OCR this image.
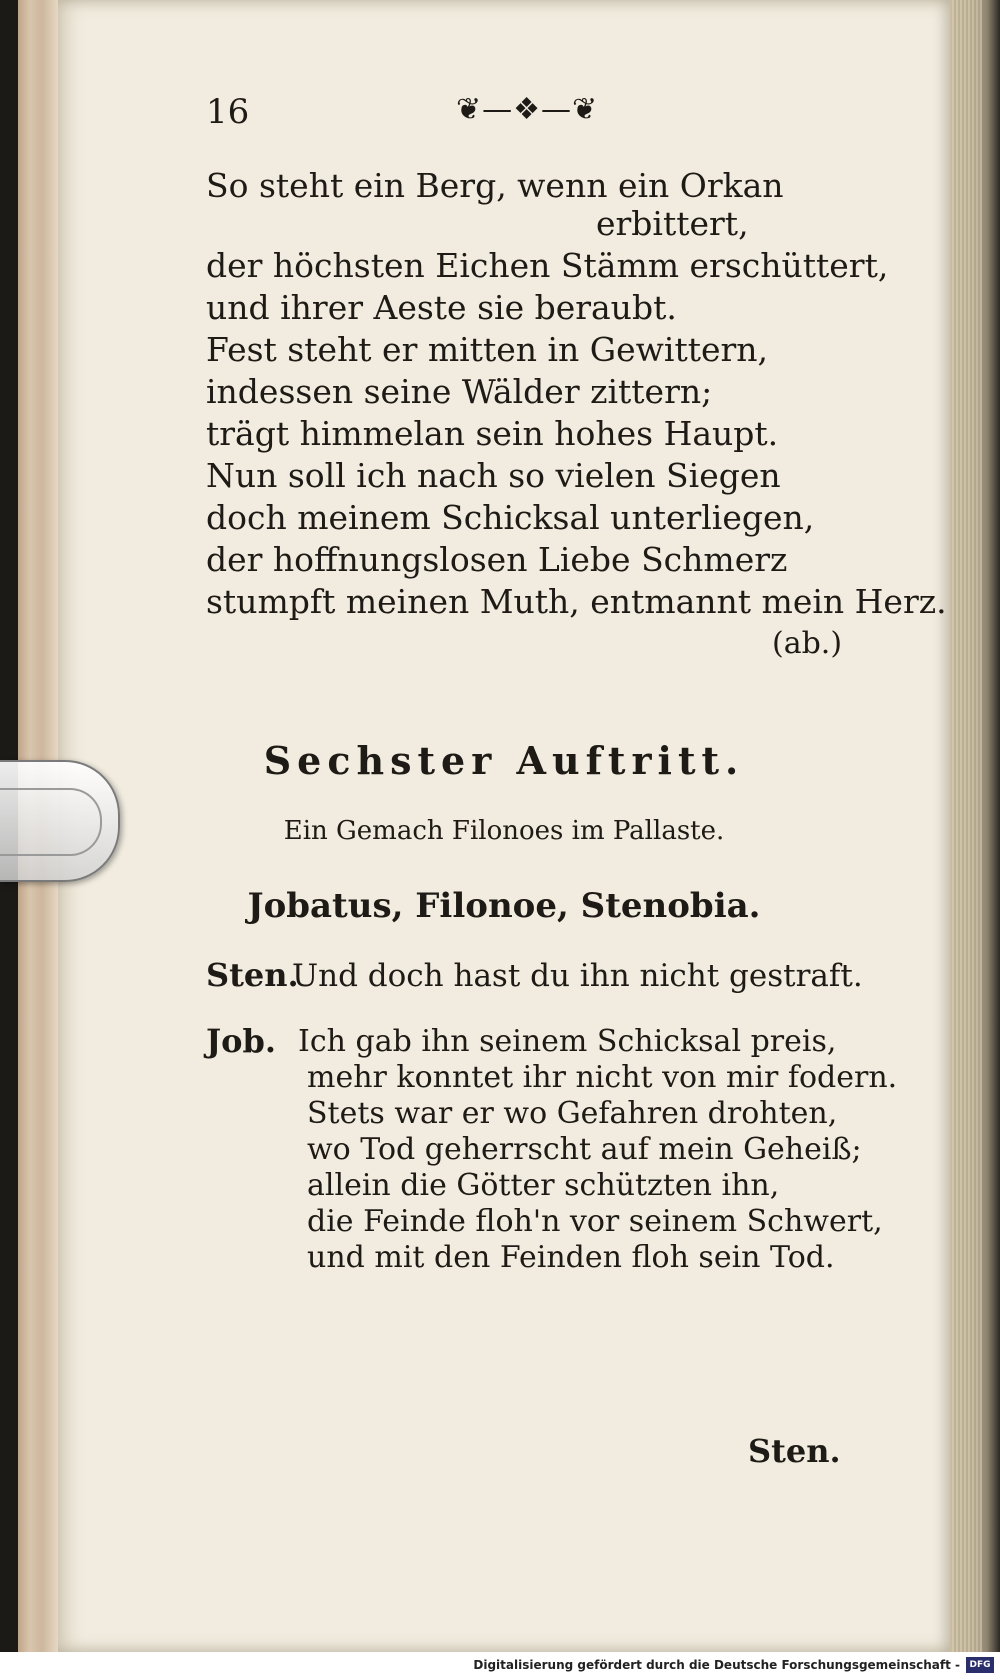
16	❦—❖—❦
So steht ein Berg, wenn ein Orkan
erbittert,
der höchsten Eichen Stämm erschüttert,
und ihrer Aeste sie beraubt.
Fest steht er mitten in Gewittern,
indessen seine Wälder zittern;
trägt himmelan sein hohes Haupt.
Nun soll ich nach so vielen Siegen
doch meinem Schicksal unterliegen,
der hoffnungslosen Liebe Schmerz
stumpft meinen Muth, entmannt mein Herz.
(ab.)
Sechster Auftritt.
Ein Gemach Filonoes im Pallaste.
Jobatus, Filonoe, Stenobia.
Sten.
Und doch hast du ihn nicht gestraft.
Job. Ich gab ihn seinem Schicksal preis,
mehr konntet ihr nicht von mir fodern.
Stets war er wo Gefahren drohten,
wo Tod geherrscht auf mein Geheiß;
allein die Götter schützten ihn,
die Feinde floh'n vor seinem Schwert,
und mit den Feinden floh sein Tod.
Sten.
Digitalisierung gefördert durch die Deutsche Forschungsgemeinschaft -	DFG
